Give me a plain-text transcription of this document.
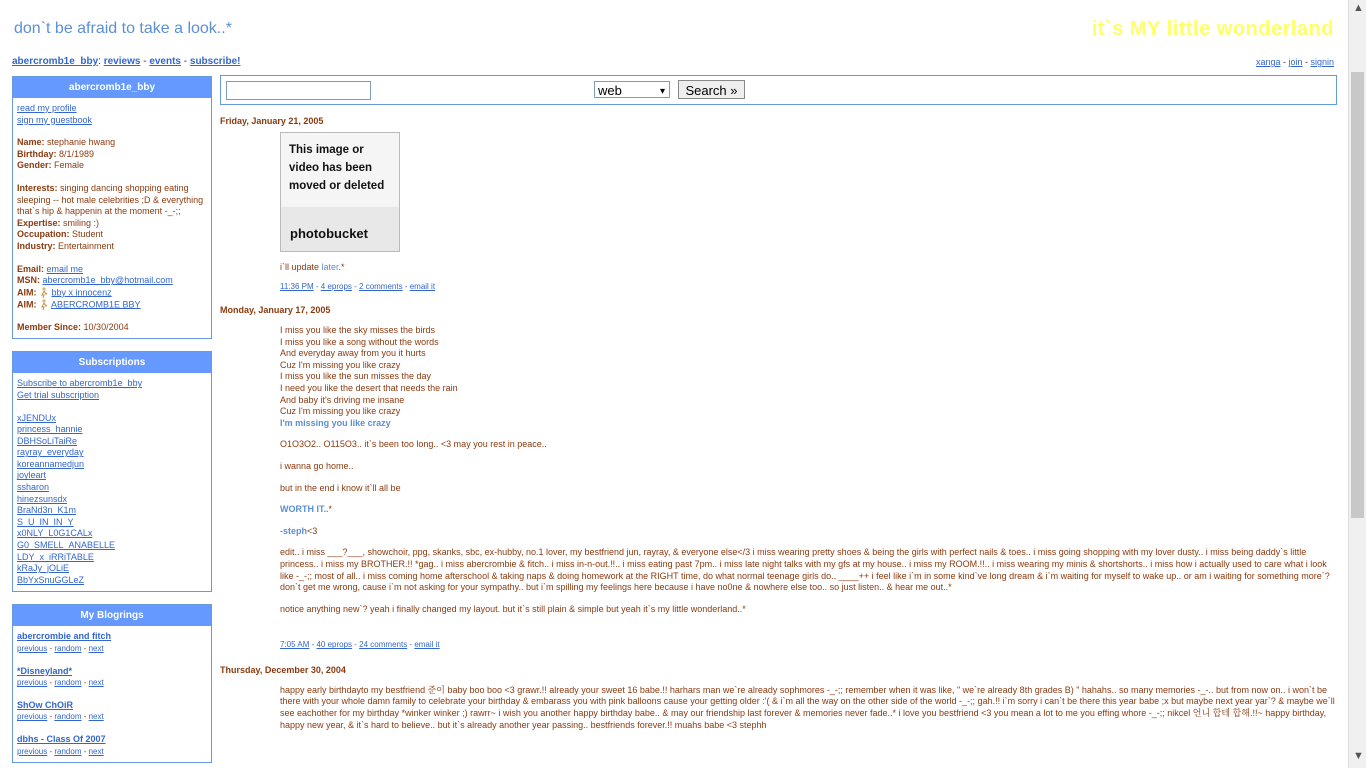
don`t be afraid to take a look..*	it`s MY little wonderland
abercromb1e_bby: reviews - events - subscribe!	xanga - join - signin
abercromb1e_bby
read my profile
sign my guestbook
Name: stephanie hwang
Birthday: 8/1/1989
Gender: Female
Interests: singing dancing shopping eating sleeping -- hot male celebrities ;D & everything that`s hip & happenin at the moment -_-;;
Expertise: smiling :)
Occupation: Student
Industry: Entertainment
Email: email me
MSN: abercromb1e_bby@hotmail.com
AIM: bby x innocenz
AIM: ABERCROMB1E BBY
Member Since: 10/30/2004
Subscriptions
Subscribe to abercromb1e_bby
Get trial subscription
xJENDUx
princess_hannie
DBHSoLiTaiRe
rayray_everyday
koreannamedjun
joyleart
ssharon
hinezsunsdx
BraNd3n_K1m
S_U_IN_IN_Y
x0NLY_L0G1CALx
G0_SMELL_ANABELLE
LDY_x_iRRiTABLE
kRaJy_jOLiE
BbYxSnuGGLeZ
My Blogrings
abercrombie and fitch
previous - random - next
*Disneyland*
previous - random - next
ShOw ChOiR
previous - random - next
dbhs - Class Of 2007
previous - random - next
web	▾	Search »
Friday, January 21, 2005
This image or video has been moved or deleted
photobucket
i`ll update later.*
11:36 PM - 4 eprops - 2 comments - email it
Monday, January 17, 2005
I miss you like the sky misses the birds
I miss you like a song without the words
And everyday away from you it hurts
Cuz I'm missing you like crazy
I miss you like the sun misses the day
I need you like the desert that needs the rain
And baby it's driving me insane
Cuz I'm missing you like crazy
I'm missing you like crazy
O1O3O2.. O115O3.. it`s been too long.. <3 may you rest in peace..
i wanna go home..
but in the end i know it`ll all be
WORTH IT..*
-steph<3
edit.. i miss ___?___, showchoir, ppg, skanks, sbc, ex-hubby, no.1 lover, my bestfriend jun, rayray, & everyone else</3 i miss wearing pretty shoes & being the girls with perfect nails & toes.. i miss going shopping with my lover dusty.. i miss being daddy`s little princess.. i miss my BROTHER.!! *gag.. i miss abercrombie & fitch.. i miss in-n-out.!!.. i miss eating past 7pm.. i miss late night talks with my gfs at my house.. i miss my ROOM.!!.. i miss wearing my minis & shortshorts.. i miss how i actually used to care what i look like -_-;; most of all.. i miss coming home afterschool & taking naps & doing homework at the RIGHT time, do what normal teenage girls do.. ____++ i feel like i`m in some kind`ve long dream & i`m waiting for myself to wake up.. or am i waiting for something more`? don`t get me wrong, cause i`m not asking for your sympathy.. but i`m spilling my feelings here because i have no0ne & nowhere else too.. so just listen.. & hear me out..*
notice anything new`? yeah i finally changed my layout. but it`s still plain & simple but yeah it`s my little wonderland..*
7:05 AM - 40 eprops - 24 comments - email it
Thursday, December 30, 2004
happy early birthdayto my bestfriend 준이 baby boo boo <3 grawr.!! already your sweet 16 babe.!! harhars man we`re already sophmores -_-;; remember when it was like, " we`re already 8th grades B) " hahahs.. so many memories -_-.. but from now on.. i won`t be there with your whole damn family to celebrate your birthday & embarass you with pink balloons cause your getting older :'( & i`m all the way on the other side of the world -_-;; gah.!! i`m sorry i can`t be there this year babe ;x but maybe next year yar`? & maybe we`ll see eachother for my birthday *winker winker ;) rawrr~ i wish you another happy birthday babe.. & may our friendship last forever & memories never fade..* i love you bestfriend <3 you mean a lot to me you effing whore -_-;; nikcel 언니 합테 합해.!!~ happy birthday, happy new year, & it`s hard to believe.. but it`s already another year passing.. bestfriends forever.!! muahs babe <3 stephh
▲
▼
